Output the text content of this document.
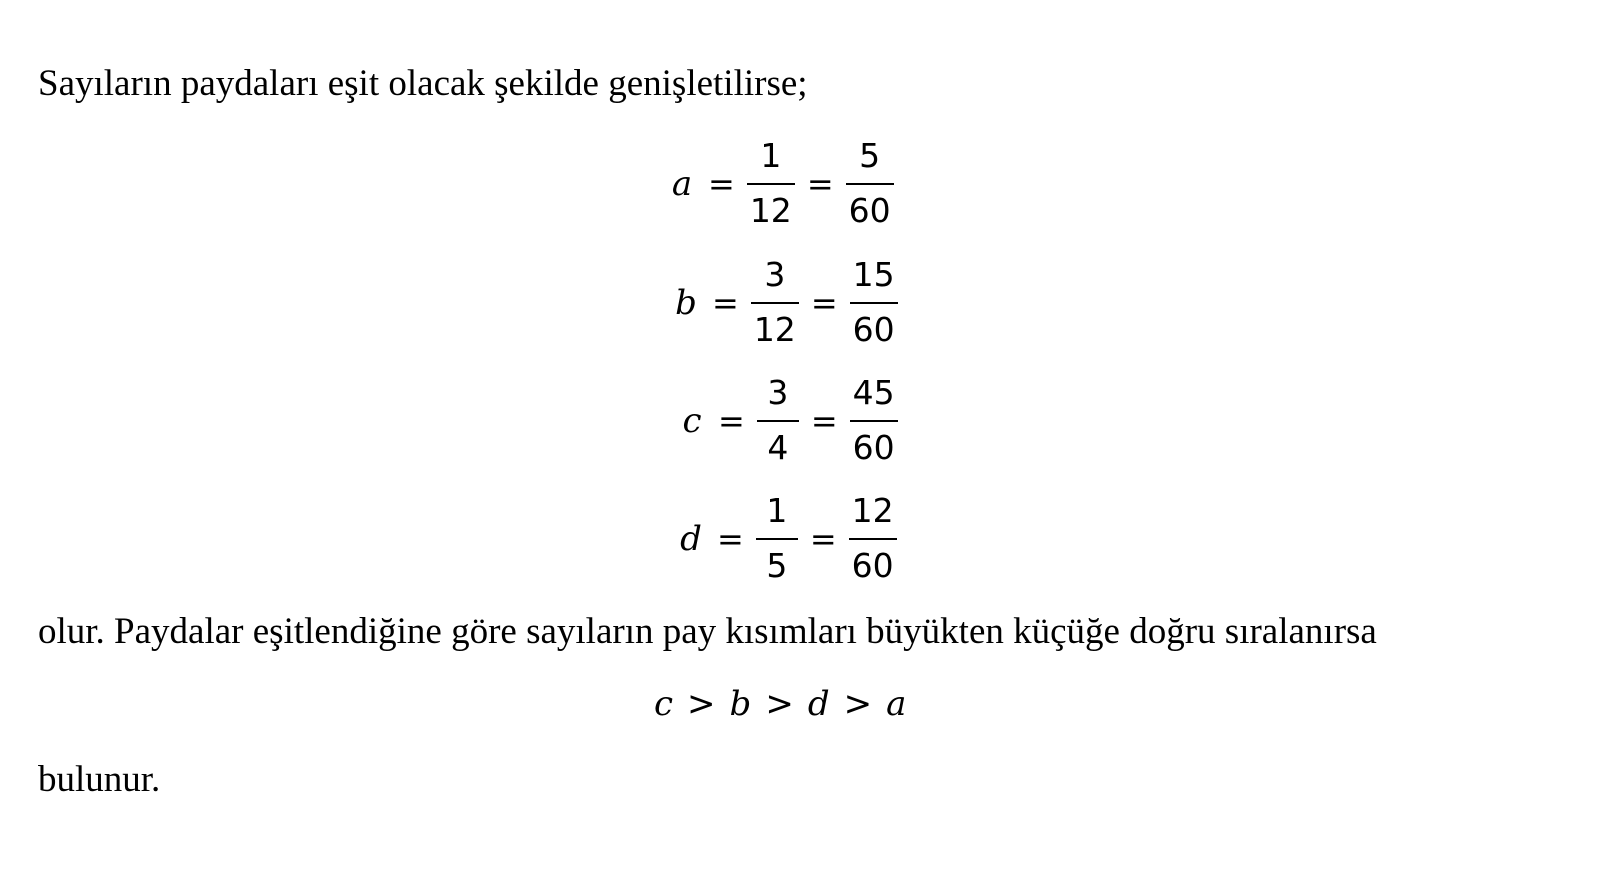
Sayıların paydaları eşit olacak şekilde genişletilirse;

$a = \frac{1}{12} = \frac{5}{60}$
$b = \frac{3}{12} = \frac{15}{60}$
$c = \frac{3}{4} = \frac{45}{60}$
$d = \frac{1}{5} = \frac{12}{60}$

olur. Paydalar eşitlendiğine göre sayıların pay kısımları büyükten küçüğe doğru sıralanırsa

c > b > d > a

bulunur.
